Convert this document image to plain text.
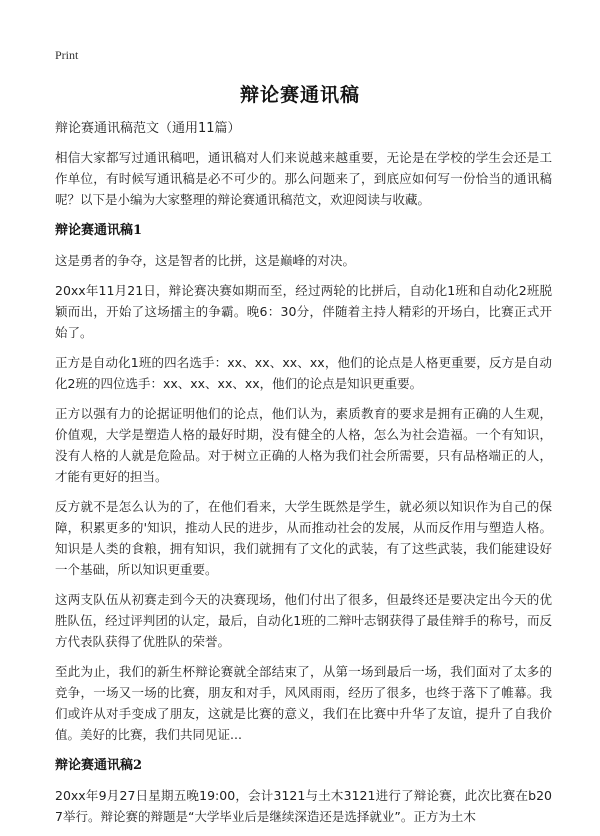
Print
辩论赛通讯稿

辩论赛通讯稿范文（通用11篇）

相信大家都写过通讯稿吧，通讯稿对人们来说越来越重要，无论是在学校的学生会还是工作单位，有时候写通讯稿是必不可少的。那么问题来了，到底应如何写一份恰当的通讯稿呢？以下是小编为大家整理的辩论赛通讯稿范文，欢迎阅读与收藏。

辩论赛通讯稿1

这是勇者的争夺，这是智者的比拼，这是巅峰的对决。

20xx年11月21日，辩论赛决赛如期而至，经过两轮的比拼后，自动化1班和自动化2班脱颖而出，开始了这场擂主的争霸。晚6：30分，伴随着主持人精彩的开场白，比赛正式开始了。

正方是自动化1班的四名选手：xx、xx、xx、xx，他们的论点是人格更重要，反方是自动化2班的四位选手：xx、xx、xx、xx，他们的论点是知识更重要。

正方以强有力的论据证明他们的论点，他们认为，素质教育的要求是拥有正确的人生观，价值观，大学是塑造人格的最好时期，没有健全的人格，怎么为社会造福。一个有知识，没有人格的人就是危险品。对于树立正确的人格为我们社会所需要，只有品格端正的人，才能有更好的担当。

反方就不是怎么认为的了，在他们看来，大学生既然是学生，就必须以知识作为自己的保障，积累更多的'知识，推动人民的进步，从而推动社会的发展，从而反作用与塑造人格。知识是人类的食粮，拥有知识，我们就拥有了文化的武装，有了这些武装，我们能建设好一个基础，所以知识更重要。

这两支队伍从初赛走到今天的决赛现场，他们付出了很多，但最终还是要决定出今天的优胜队伍，经过评判团的认定，最后，自动化1班的二辩叶志钢获得了最佳辩手的称号，而反方代表队获得了优胜队的荣誉。

至此为止，我们的新生杯辩论赛就全部结束了，从第一场到最后一场，我们面对了太多的竞争，一场又一场的比赛，朋友和对手，风风雨雨，经历了很多，也终于落下了帷幕。我们或许从对手变成了朋友，这就是比赛的意义，我们在比赛中升华了友谊，提升了自我价值。美好的比赛，我们共同见证...

辩论赛通讯稿2

20xx年9月27日星期五晚19:00，会计3121与土木3121进行了辩论赛，此次比赛在b207举行。辩论赛的辩题是“大学毕业后是继续深造还是选择就业”。正方为土木
